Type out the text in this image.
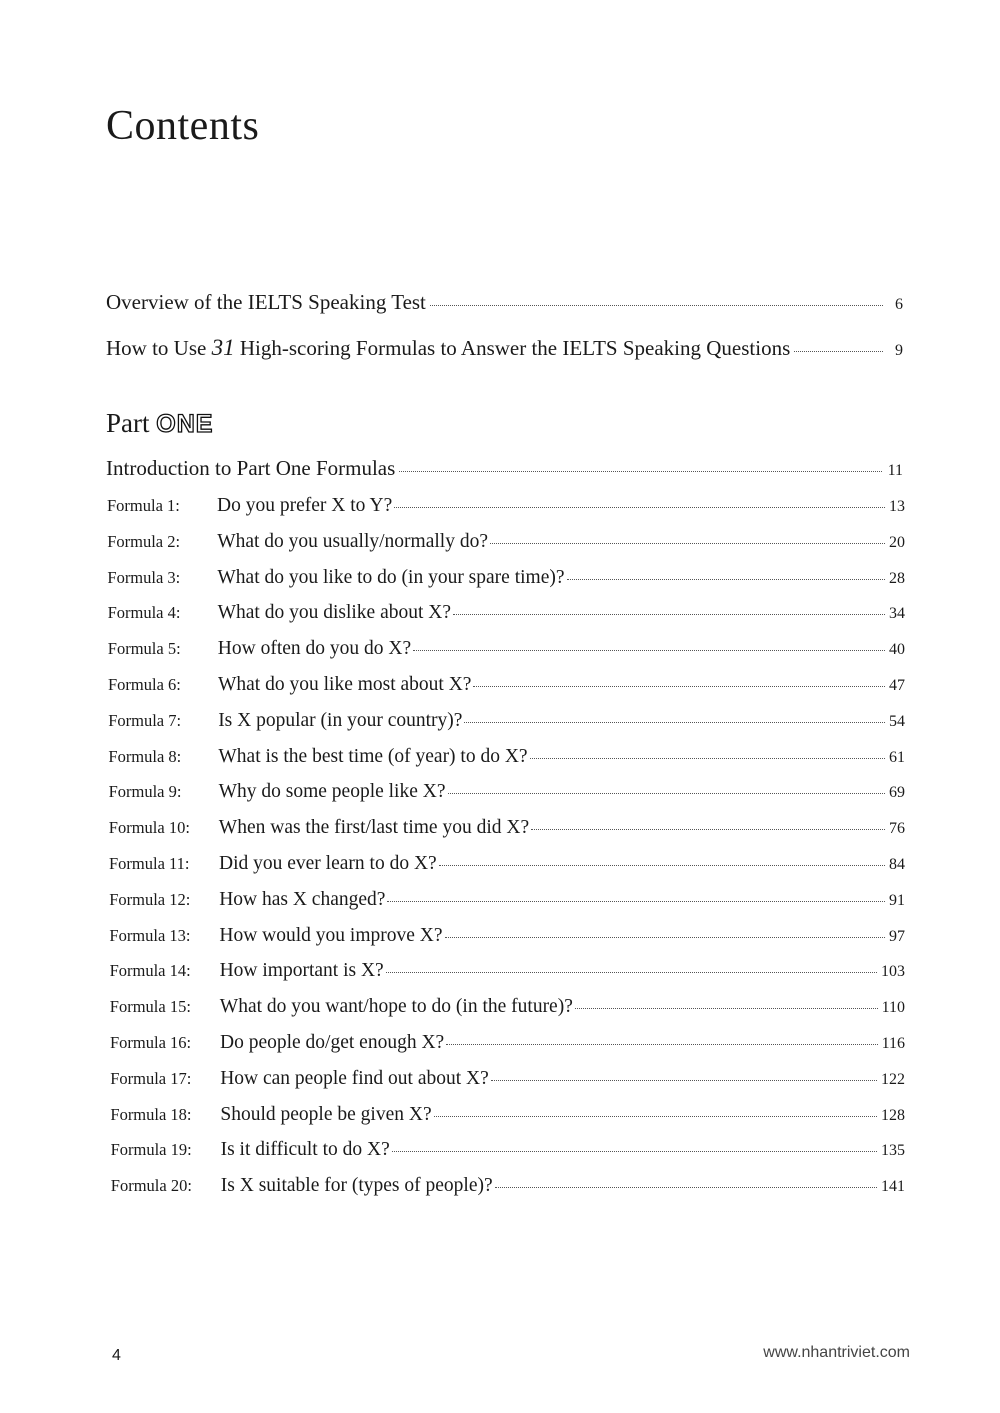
Contents
Overview of the IELTS Speaking Test	6
How to Use 31 High-scoring Formulas to Answer the IELTS Speaking Questions	9
Part ONE
Introduction to Part One Formulas	11
Formula 1:	Do you prefer X to Y?	13
Formula 2:	What do you usually/normally do?	20
Formula 3:	What do you like to do (in your spare time)?	28
Formula 4:	What do you dislike about X?	34
Formula 5:	How often do you do X?	40
Formula 6:	What do you like most about X?	47
Formula 7:	Is X popular (in your country)?	54
Formula 8:	What is the best time (of year) to do X?	61
Formula 9:	Why do some people like X?	69
Formula 10:	When was the first/last time you did X?	76
Formula 11:	Did you ever learn to do X?	84
Formula 12:	How has X changed?	91
Formula 13:	How would you improve X?	97
Formula 14:	How important is X?	103
Formula 15:	What do you want/hope to do (in the future)?	110
Formula 16:	Do people do/get enough X?	116
Formula 17:	How can people find out about X?	122
Formula 18:	Should people be given X?	128
Formula 19:	Is it difficult to do X?	135
Formula 20:	Is X suitable for (types of people)?	141
4	www.nhantriviet.com
